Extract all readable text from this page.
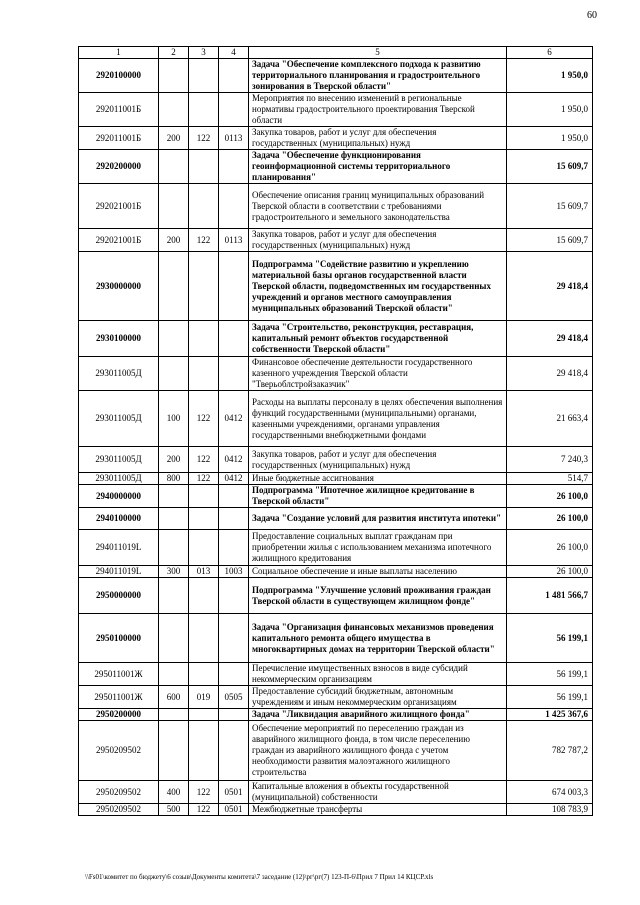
60
1	2	3	4	5	6
2920100000				Задача "Обеспечение комплексного подхода к развитию территориального планирования и градостроительного зонирования в Тверской области"	1 950,0
292011001Б				Мероприятия по внесению изменений в региональные нормативы градостроительного проектирования Тверской области	1 950,0
292011001Б	200	122	0113	Закупка товаров, работ и услуг для обеспечения государственных (муниципальных) нужд	1 950,0
2920200000				Задача "Обеспечение функционирования геоинформационной системы территориального планирования"	15 609,7
292021001Б				Обеспечение описания границ муниципальных образований Тверской области в соответствии с требованиями градостроительного и земельного законодательства	15 609,7
292021001Б	200	122	0113	Закупка товаров, работ и услуг для обеспечения государственных (муниципальных) нужд	15 609,7
2930000000				Подпрограмма "Содействие развитию и укреплению материальной базы органов государственной власти Тверской области, подведомственных им государственных учреждений и органов местного самоуправления муниципальных образований Тверской области"	29 418,4
2930100000				Задача "Строительство, реконструкция, реставрация, капитальный ремонт объектов государственной собственности Тверской области"	29 418,4
293011005Д				Финансовое обеспечение деятельности государственного казенного учреждения Тверской области "Тверьоблстройзаказчик"	29 418,4
293011005Д	100	122	0412	Расходы на выплаты персоналу в целях обеспечения выполнения функций государственными (муниципальными) органами, казенными учреждениями, органами управления государственными внебюджетными фондами	21 663,4
293011005Д	200	122	0412	Закупка товаров, работ и услуг для обеспечения государственных (муниципальных) нужд	7 240,3
293011005Д	800	122	0412	Иные бюджетные ассигнования	514,7
2940000000				Подпрограмма "Ипотечное жилищное кредитование в Тверской области"	26 100,0
2940100000				Задача "Создание условий для развития института ипотеки"	26 100,0
294011019L				Предоставление социальных выплат гражданам при приобретении жилья с использованием механизма ипотечного жилищного кредитования	26 100,0
294011019L	300	013	1003	Социальное обеспечение и иные выплаты населению	26 100,0
2950000000				Подпрограмма "Улучшение условий проживания граждан Тверской области в существующем жилищном фонде"	1 481 566,7
2950100000				Задача "Организация финансовых механизмов проведения капитального ремонта общего имущества в многоквартирных домах на территории Тверской области"	56 199,1
295011001Ж				Перечисление имущественных взносов в виде субсидий некоммерческим организациям	56 199,1
295011001Ж	600	019	0505	Предоставление субсидий бюджетным, автономным учреждениям и иным некоммерческим организациям	56 199,1
2950200000				Задача "Ликвидация аварийного жилищного фонда"	1 425 367,6
2950209502				Обеспечение мероприятий по переселению граждан из аварийного жилищного фонда, в том числе переселению граждан из аварийного жилищного фонда с учетом необходимости развития малоэтажного жилищного строительства	782 787,2
2950209502	400	122	0501	Капитальные вложения в объекты государственной (муниципальной) собственности	674 003,3
2950209502	500	122	0501	Межбюджетные трансферты	108 783,9
\\Fs01\комитет по бюджету\6 созыв\Документы комитета\7 заседание (12)\рг\рг(7) 123-П-6\Прил 7 Прил 14 КЦСР.xls
